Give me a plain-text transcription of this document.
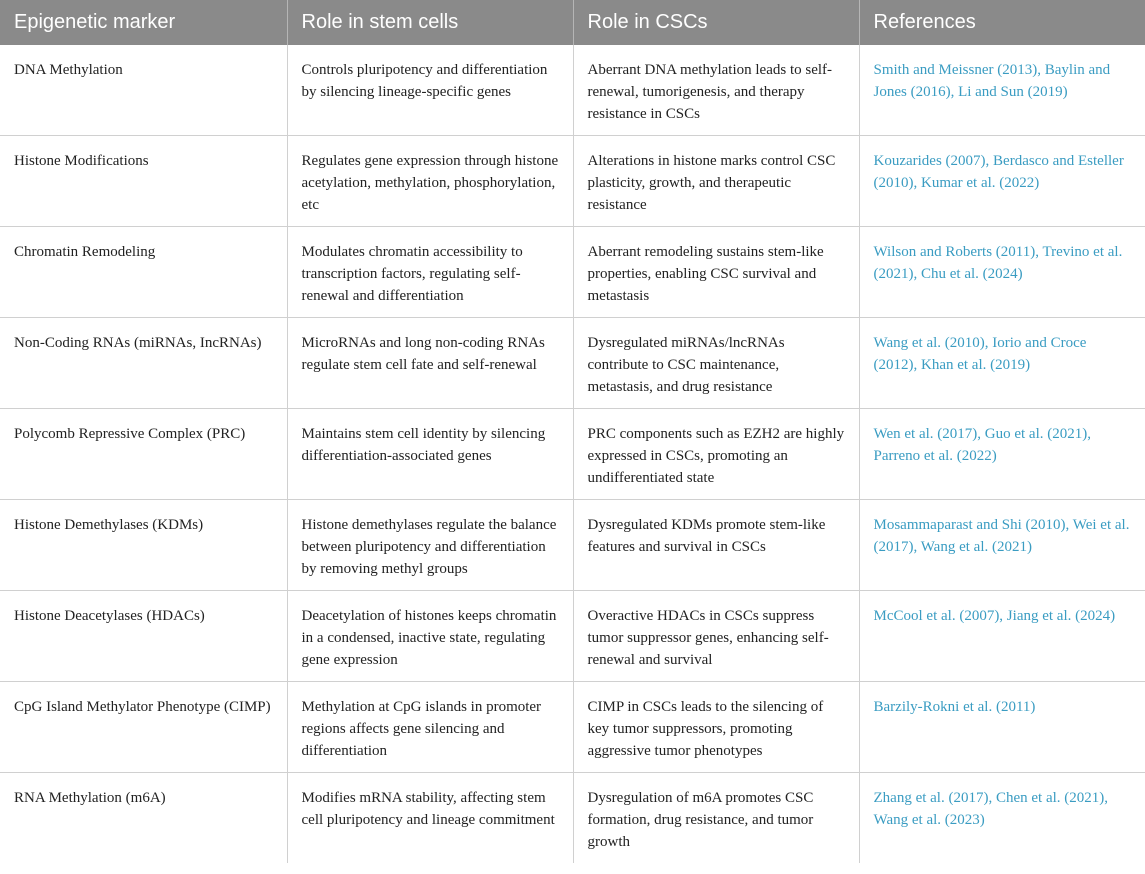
Epigenetic marker	Role in stem cells	Role in CSCs	References
DNA Methylation	Controls pluripotency and differentiation by silencing lineage-specific genes	Aberrant DNA methylation leads to self-renewal, tumorigenesis, and therapy resistance in CSCs	Smith and Meissner (2013), Baylin and Jones (2016), Li and Sun (2019)
Histone Modifications	Regulates gene expression through histone acetylation, methylation, phosphorylation, etc	Alterations in histone marks control CSC plasticity, growth, and therapeutic resistance	Kouzarides (2007), Berdasco and Esteller (2010), Kumar et al. (2022)
Chromatin Remodeling	Modulates chromatin accessibility to transcription factors, regulating self-renewal and differentiation	Aberrant remodeling sustains stem-like properties, enabling CSC survival and metastasis	Wilson and Roberts (2011), Trevino et al. (2021), Chu et al. (2024)
Non-Coding RNAs (miRNAs, IncRNAs)	MicroRNAs and long non-coding RNAs regulate stem cell fate and self-renewal	Dysregulated miRNAs/lncRNAs contribute to CSC maintenance, metastasis, and drug resistance	Wang et al. (2010), Iorio and Croce (2012), Khan et al. (2019)
Polycomb Repressive Complex (PRC)	Maintains stem cell identity by silencing differentiation-associated genes	PRC components such as EZH2 are highly expressed in CSCs, promoting an undifferentiated state	Wen et al. (2017), Guo et al. (2021), Parreno et al. (2022)
Histone Demethylases (KDMs)	Histone demethylases regulate the balance between pluripotency and differentiation by removing methyl groups	Dysregulated KDMs promote stem-like features and survival in CSCs	Mosammaparast and Shi (2010), Wei et al. (2017), Wang et al. (2021)
Histone Deacetylases (HDACs)	Deacetylation of histones keeps chromatin in a condensed, inactive state, regulating gene expression	Overactive HDACs in CSCs suppress tumor suppressor genes, enhancing self-renewal and survival	McCool et al. (2007), Jiang et al. (2024)
CpG Island Methylator Phenotype (CIMP)	Methylation at CpG islands in promoter regions affects gene silencing and differentiation	CIMP in CSCs leads to the silencing of key tumor suppressors, promoting aggressive tumor phenotypes	Barzily-Rokni et al. (2011)
RNA Methylation (m6A)	Modifies mRNA stability, affecting stem cell pluripotency and lineage commitment	Dysregulation of m6A promotes CSC formation, drug resistance, and tumor growth	Zhang et al. (2017), Chen et al. (2021), Wang et al. (2023)
